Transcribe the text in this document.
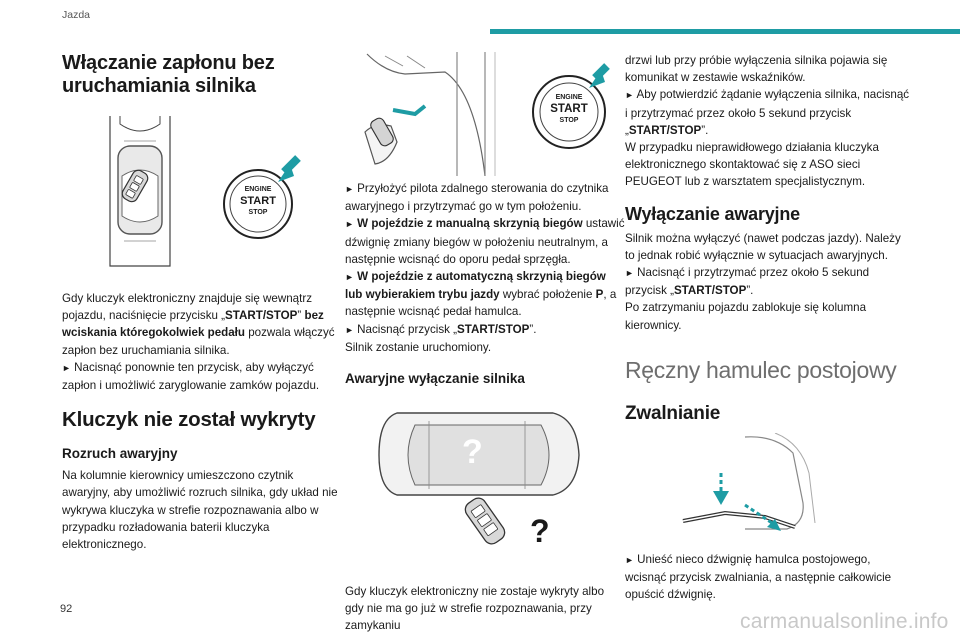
Jazda
Włączanie zapłonu bez uruchamiania silnika
ENGINE
START
STOP

Gdy kluczyk elektroniczny znajduje się wewnątrz pojazdu, naciśnięcie przycisku „START/STOP” bez wciskania któregokolwiek pedału pozwala włączyć zapłon bez uruchamiania silnika.

► Nacisnąć ponownie ten przycisk, aby wyłączyć zapłon i umożliwić zaryglowanie zamków pojazdu.

Kluczyk nie został wykryty
Rozruch awaryjny

Na kolumnie kierownicy umieszczono czytnik awaryjny, aby umożliwić rozruch silnika, gdy układ nie wykrywa kluczyka w strefie rozpoznawania albo w przypadku rozładowania baterii kluczyka elektronicznego.

ENGINE
START
STOP

► Przyłożyć pilota zdalnego sterowania do czytnika awaryjnego i przytrzymać go w tym położeniu.

► W pojeździe z manualną skrzynią biegów ustawić dźwignię zmiany biegów w położeniu neutralnym, a następnie wcisnąć do oporu pedał sprzęgła.

► W pojeździe z automatyczną skrzynią biegów lub wybierakiem trybu jazdy wybrać położenie P, a następnie wcisnąć pedał hamulca.

► Nacisnąć przycisk „START/STOP”.

Silnik zostanie uruchomiony.

Awaryjne wyłączanie silnika
?
?

Gdy kluczyk elektroniczny nie zostaje wykryty albo gdy nie ma go już w strefie rozpoznawania, przy zamykaniu

drzwi lub przy próbie wyłączenia silnika pojawia się komunikat w zestawie wskaźników.

► Aby potwierdzić żądanie wyłączenia silnika, nacisnąć i przytrzymać przez około 5 sekund przycisk „START/STOP”.

W przypadku nieprawidłowego działania kluczyka elektronicznego skontaktować się z ASO sieci PEUGEOT lub z warsztatem specjalistycznym.

Wyłączanie awaryjne

Silnik można wyłączyć (nawet podczas jazdy). Należy to jednak robić wyłącznie w sytuacjach awaryjnych.

► Nacisnąć i przytrzymać przez około 5 sekund przycisk „START/STOP”.

Po zatrzymaniu pojazdu zablokuje się kolumna kierownicy.

Ręczny hamulec postojowy
Zwalnianie

► Unieść nieco dźwignię hamulca postojowego, wcisnąć przycisk zwalniania, a następnie całkowicie opuścić dźwignię.

92
carmanualsonline.info
